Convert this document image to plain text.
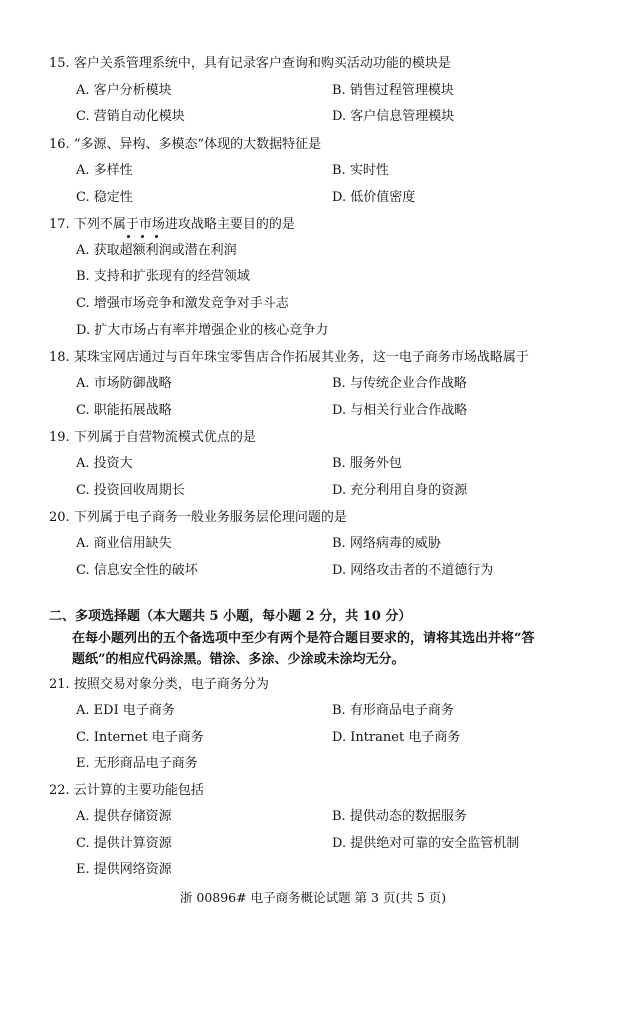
15. 客户关系管理系统中，具有记录客户查询和购买活动功能的模块是
A. 客户分析模块	B. 销售过程管理模块
C. 营销自动化模块	D. 客户信息管理模块
16. “多源、异构、多模态”体现的大数据特征是
A. 多样性	B. 实时性
C. 稳定性	D. 低价值密度
17. 下列不属于市场进攻战略主要目的的是
A. 获取超额利润或潜在利润
B. 支持和扩张现有的经营领域
C. 增强市场竞争和激发竞争对手斗志
D. 扩大市场占有率并增强企业的核心竞争力
18. 某珠宝网店通过与百年珠宝零售店合作拓展其业务，这一电子商务市场战略属于
A. 市场防御战略	B. 与传统企业合作战略
C. 职能拓展战略	D. 与相关行业合作战略
19. 下列属于自营物流模式优点的是
A. 投资大	B. 服务外包
C. 投资回收周期长	D. 充分利用自身的资源
20. 下列属于电子商务一般业务服务层伦理问题的是
A. 商业信用缺失	B. 网络病毒的威胁
C. 信息安全性的破坏	D. 网络攻击者的不道德行为
二、多项选择题（本大题共 5 小题，每小题 2 分，共 10 分）
在每小题列出的五个备选项中至少有两个是符合题目要求的，请将其选出并将“答
题纸”的相应代码涂黑。错涂、多涂、少涂或未涂均无分。
21. 按照交易对象分类，电子商务分为
A. EDI 电子商务	B. 有形商品电子商务
C. Internet 电子商务	D. Intranet 电子商务
E. 无形商品电子商务
22. 云计算的主要功能包括
A. 提供存储资源	B. 提供动态的数据服务
C. 提供计算资源	D. 提供绝对可靠的安全监管机制
E. 提供网络资源
浙 00896# 电子商务概论试题 第 3 页(共 5 页)
